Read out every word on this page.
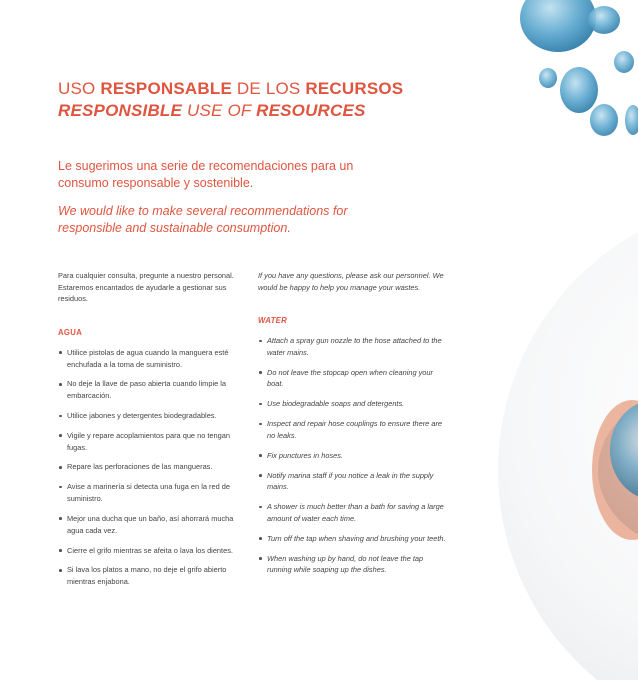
USO RESPONSABLE DE LOS RECURSOS
RESPONSIBLE USE OF RESOURCES
Le sugerimos una serie de recomendaciones para un consumo responsable y sostenible.
We would like to make several recommendations for responsible and sustainable consumption.

Para cualquier consulta, pregunte a nuestro personal. Estaremos encantados de ayudarle a gestionar sus residuos.

AGUA

Utilice pistolas de agua cuando la manguera esté enchufada a la toma de suministro.
No deje la llave de paso abierta cuando limpie la embarcación.
Utilice jabones y detergentes biodegradables.
Vigile y repare acoplamientos para que no tengan fugas.
Repare las perforaciones de las mangueras.
Avise a marinería si detecta una fuga en la red de suministro.
Mejor una ducha que un baño, así ahorrará mucha agua cada vez.
Cierre el grifo mientras se afeita o lava los dientes.
Si lava los platos a mano, no deje el grifo abierto mientras enjabona.

If you have any questions, please ask our personnel. We would be happy to help you manage your wastes.

WATER

Attach a spray gun nozzle to the hose attached to the water mains.
Do not leave the stopcap open when cleaning your boat.
Use biodegradable soaps and detergents.
Inspect and repair hose couplings to ensure there are no leaks.
Fix punctures in hoses.
Notify marina staff if you notice a leak in the supply mains.
A shower is much better than a bath for saving a large amount of water each time.
Turn off the tap when shaving and brushing your teeth.
When washing up by hand, do not leave the tap running while soaping up the dishes.
